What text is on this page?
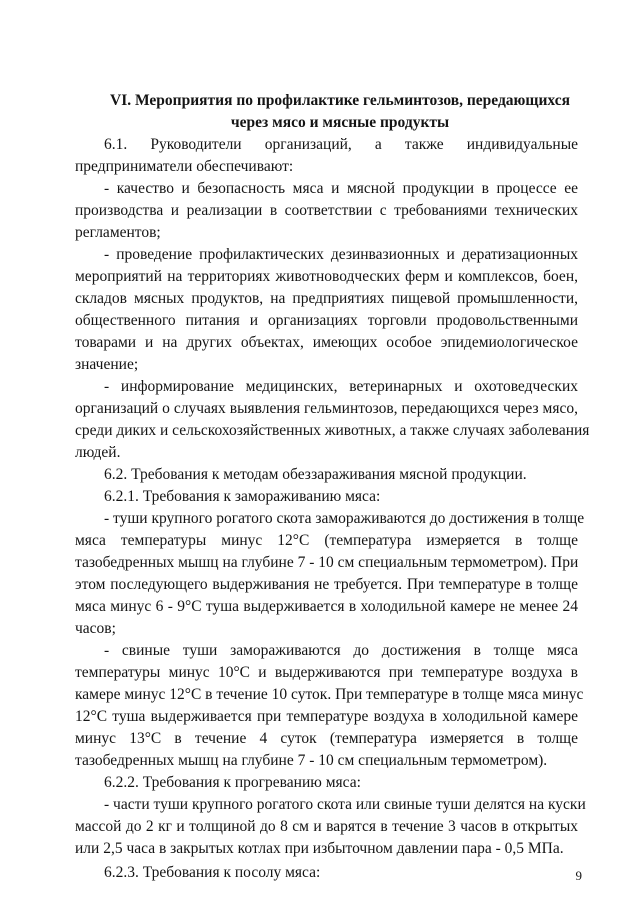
VI. Мероприятия по профилактике гельминтозов, передающихся
через мясо и мясные продукты
6.1. Руководители организаций, а также индивидуальные
предприниматели обеспечивают:
- качество и безопасность мяса и мясной продукции в процессе ее
производства и реализации в соответствии с требованиями технических
регламентов;
- проведение профилактических дезинвазионных и дератизационных
мероприятий на территориях животноводческих ферм и комплексов, боен,
складов мясных продуктов, на предприятиях пищевой промышленности,
общественного питания и организациях торговли продовольственными
товарами и на других объектах, имеющих особое эпидемиологическое
значение;
- информирование медицинских, ветеринарных и охотоведческих
организаций о случаях выявления гельминтозов, передающихся через мясо,
среди диких и сельскохозяйственных животных, а также случаях заболевания
людей.
6.2. Требования к методам обеззараживания мясной продукции.
6.2.1. Требования к замораживанию мяса:
- туши крупного рогатого скота замораживаются до достижения в толще
мяса температуры минус 12°С (температура измеряется в толще
тазобедренных мышц на глубине 7 - 10 см специальным термометром). При
этом последующего выдерживания не требуется. При температуре в толще
мяса минус 6 - 9°С туша выдерживается в холодильной камере не менее 24
часов;
- свиные туши замораживаются до достижения в толще мяса
температуры минус 10°С и выдерживаются при температуре воздуха в
камере минус 12°С в течение 10 суток. При температуре в толще мяса минус
12°С туша выдерживается при температуре воздуха в холодильной камере
минус 13°С в течение 4 суток (температура измеряется в толще
тазобедренных мышц на глубине 7 - 10 см специальным термометром).
6.2.2. Требования к прогреванию мяса:
- части туши крупного рогатого скота или свиные туши делятся на куски
массой до 2 кг и толщиной до 8 см и варятся в течение 3 часов в открытых
или 2,5 часа в закрытых котлах при избыточном давлении пара - 0,5 МПа.
6.2.3. Требования к посолу мяса:	9
